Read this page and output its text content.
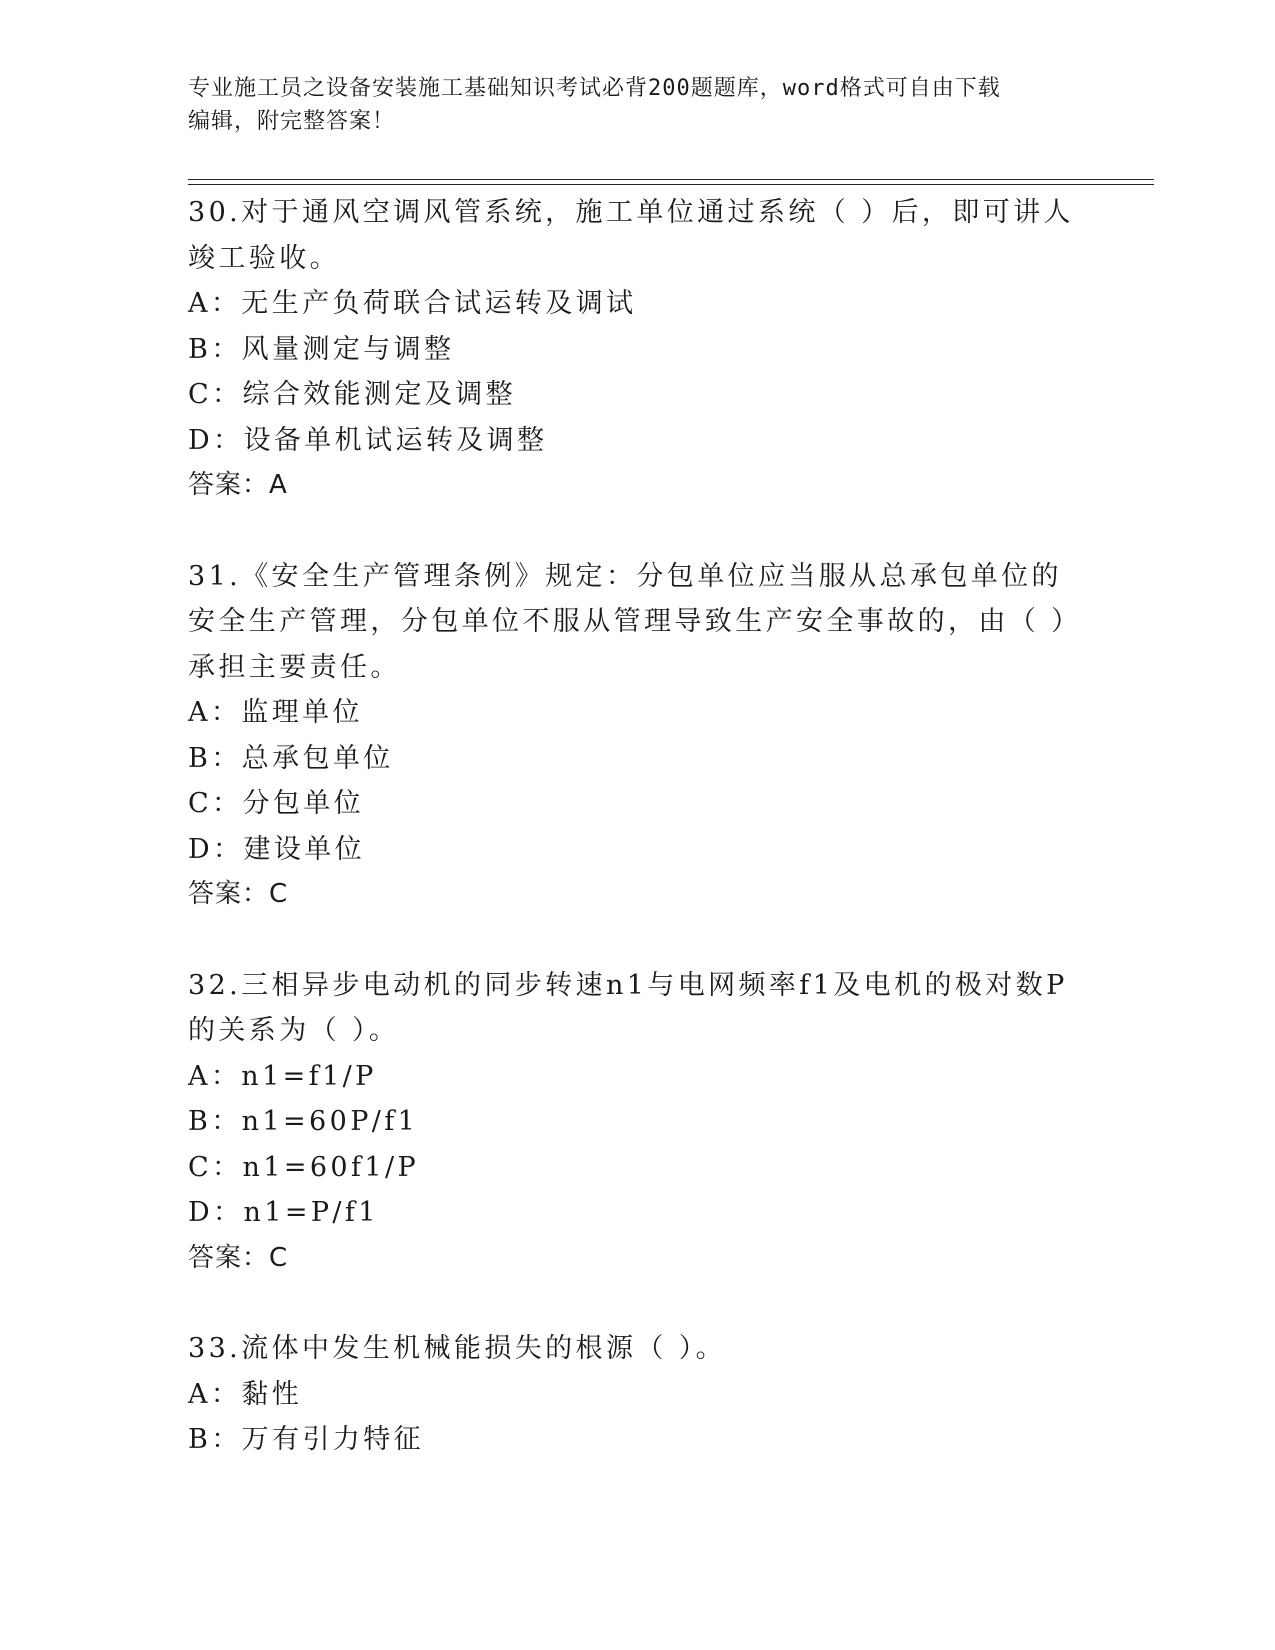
专业施工员之设备安装施工基础知识考试必背200题题库，word格式可自由下载
编辑，附完整答案！
30.对于通风空调风管系统，施工单位通过系统（ ）后，即可讲人竣工验收。
A：无生产负荷联合试运转及调试
B：风量测定与调整
C：综合效能测定及调整
D：设备单机试运转及调整
答案：A
31.《安全生产管理条例》规定：分包单位应当服从总承包单位的安全生产管理，分包单位不服从管理导致生产安全事故的，由（ ）承担主要责任。
A：监理单位
B：总承包单位
C：分包单位
D：建设单位
答案：C
32.三相异步电动机的同步转速n1与电网频率f1及电机的极对数P的关系为（ ）。
A：n1=f1/P
B：n1=60P/f1
C：n1=60f1/P
D：n1=P/f1
答案：C
33.流体中发生机械能损失的根源（ ）。
A：黏性
B：万有引力特征
